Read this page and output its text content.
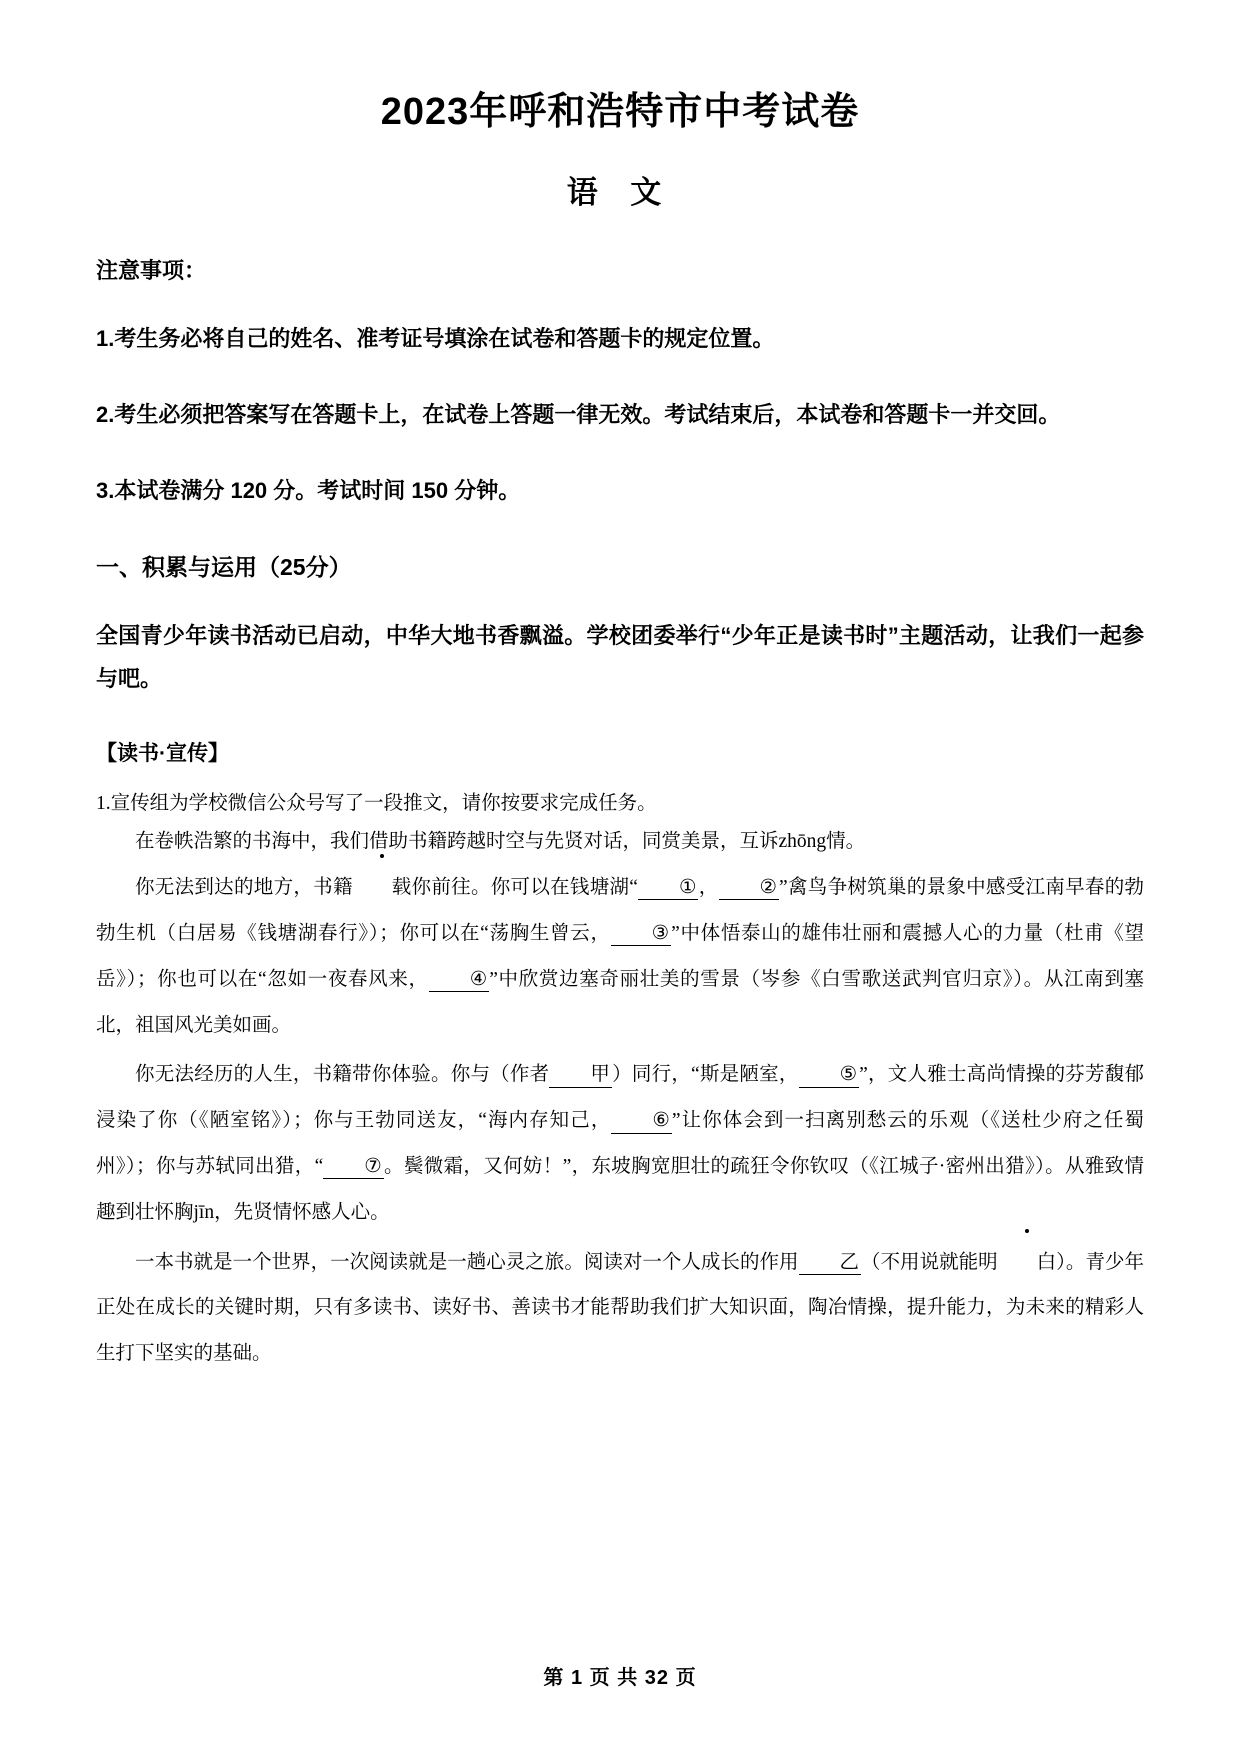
2023年呼和浩特市中考试卷
语 文
注意事项：
1.考生务必将自己的姓名、准考证号填涂在试卷和答题卡的规定位置。
2.考生必须把答案写在答题卡上，在试卷上答题一律无效。考试结束后，本试卷和答题卡一并交回。
3.本试卷满分 120 分。考试时间 150 分钟。
一、积累与运用（25分）
全国青少年读书活动已启动，中华大地书香飘溢。学校团委举行“少年正是读书时”主题活动，让我们一起参与吧。
【读书·宣传】
1.宣传组为学校微信公众号写了一段推文，请你按要求完成任务。
在卷帙浩繁的书海中，我们借助书籍跨越时空与先贤对话，同赏美景，互诉zhōng情。
你无法到达的地方，书籍 载你前往。你可以在钱塘湖“ ① ， ② ”禽鸟争树筑巢的景象中感受江南早春的勃勃生机（白居易《钱塘湖春行》）；你可以在“荡胸生曾云， ③ ”中体悟泰山的雄伟壮丽和震撼人心的力量（杜甫《望岳》）；你也可以在“忽如一夜春风来， ④ ”中欣赏边塞奇丽壮美的雪景（岑参《白雪歌送武判官归京》）。从江南到塞北，祖国风光美如画。
你无法经历的人生，书籍带你体验。你与（作者 甲 ）同行，“斯是陋室， ⑤ ”，文人雅士高尚情操的芬芳馥郁浸染了你（《陋室铭》）；你与王勃同送友，“海内存知己， ⑥ ”让你体会到一扫离别愁云的乐观（《送杜少府之任蜀州》）；你与苏轼同出猎，“ ⑦ 。鬓微霜，又何妨！”，东坡胸宽胆壮的疏狂令你钦叹（《江城子·密州出猎》）。从雅致情趣到壮怀胸jīn，先贤情怀感人心。
一本书就是一个世界，一次阅读就是一趟心灵之旅。阅读对一个人成长的作用 乙 （不用说就能明 白）。青少年正处在成长的关键时期，只有多读书、读好书、善读书才能帮助我们扩大知识面，陶冶情操，提升能力，为未来的精彩人生打下坚实的基础。
第 1 页 共 32 页
